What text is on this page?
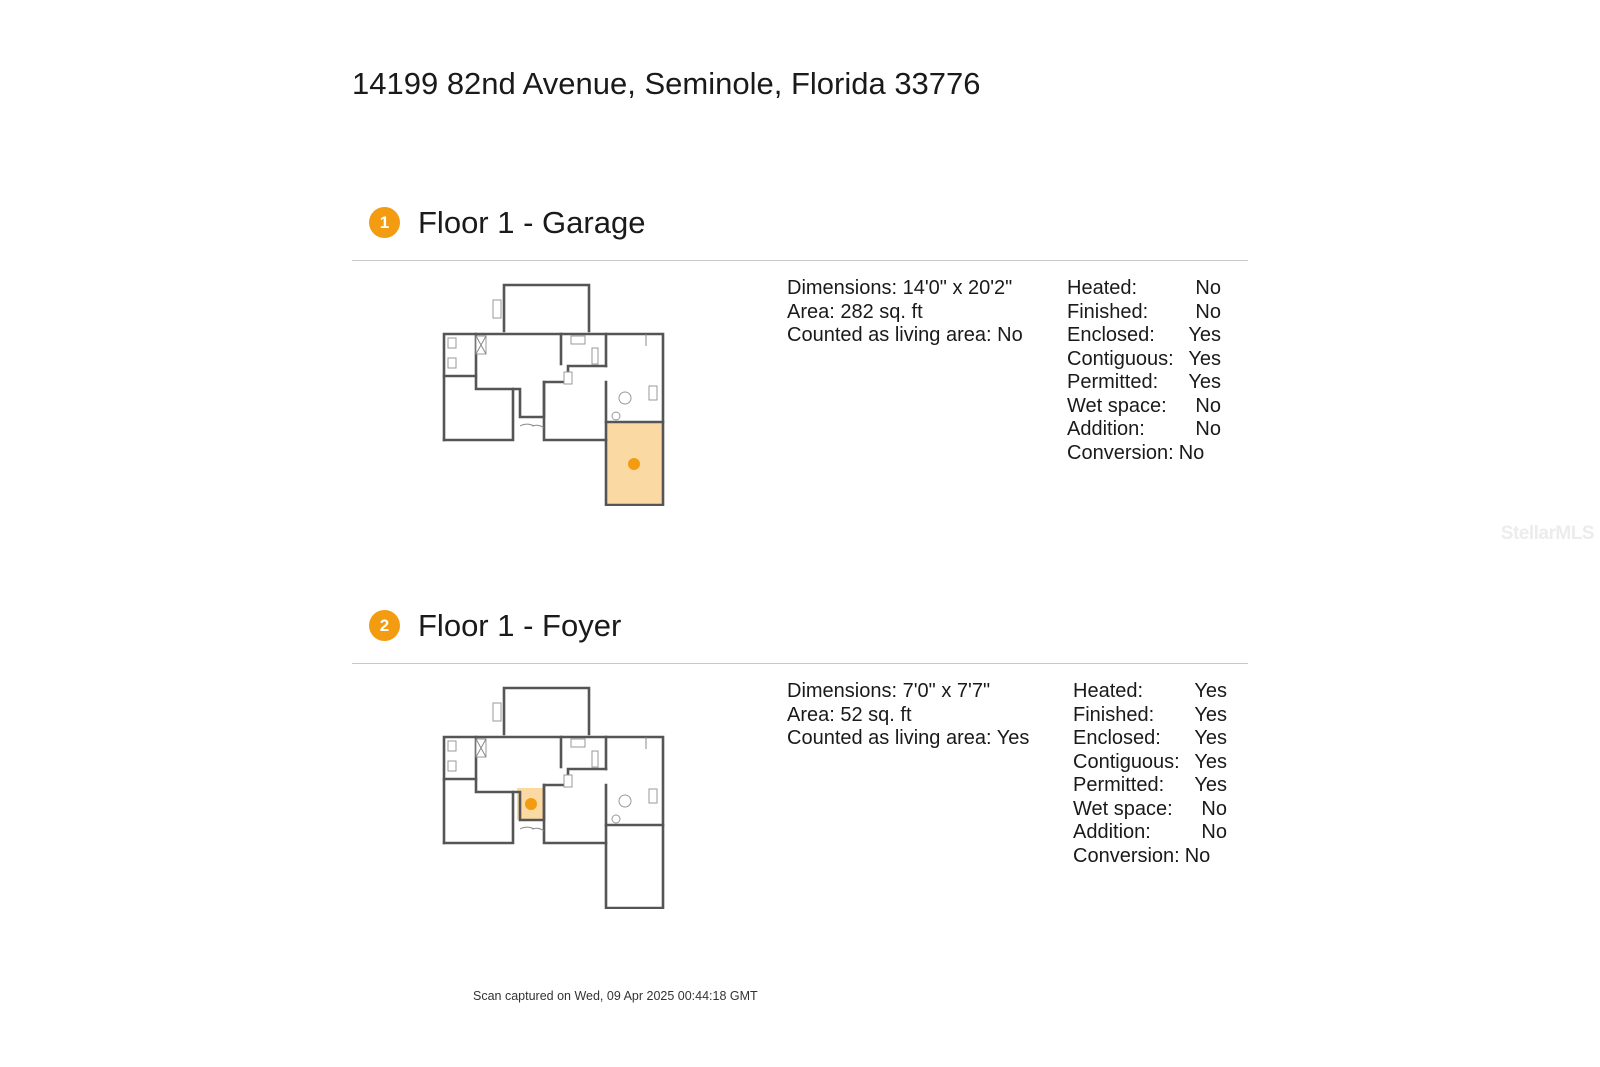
14199 82nd Avenue, Seminole, Florida 33776
1 Floor 1 - Garage
Dimensions: 14'0" x 20'2"
Area: 282 sq. ft
Counted as living area: No
Heated:	No
Finished: No
Enclosed: Yes
Contiguous: Yes
Permitted: Yes
Wet space: No
Addition:	No
Conversion: No
2 Floor 1 - Foyer
Dimensions: 7'0" x 7'7"
Area: 52 sq. ft
Counted as living area: Yes
Heated:	Yes
Finished: Yes
Enclosed: Yes
Contiguous: Yes
Permitted: Yes
Wet space: No
Addition:	No
Conversion: No
Scan captured on Wed, 09 Apr 2025 00:44:18 GMT
StellarMLS
